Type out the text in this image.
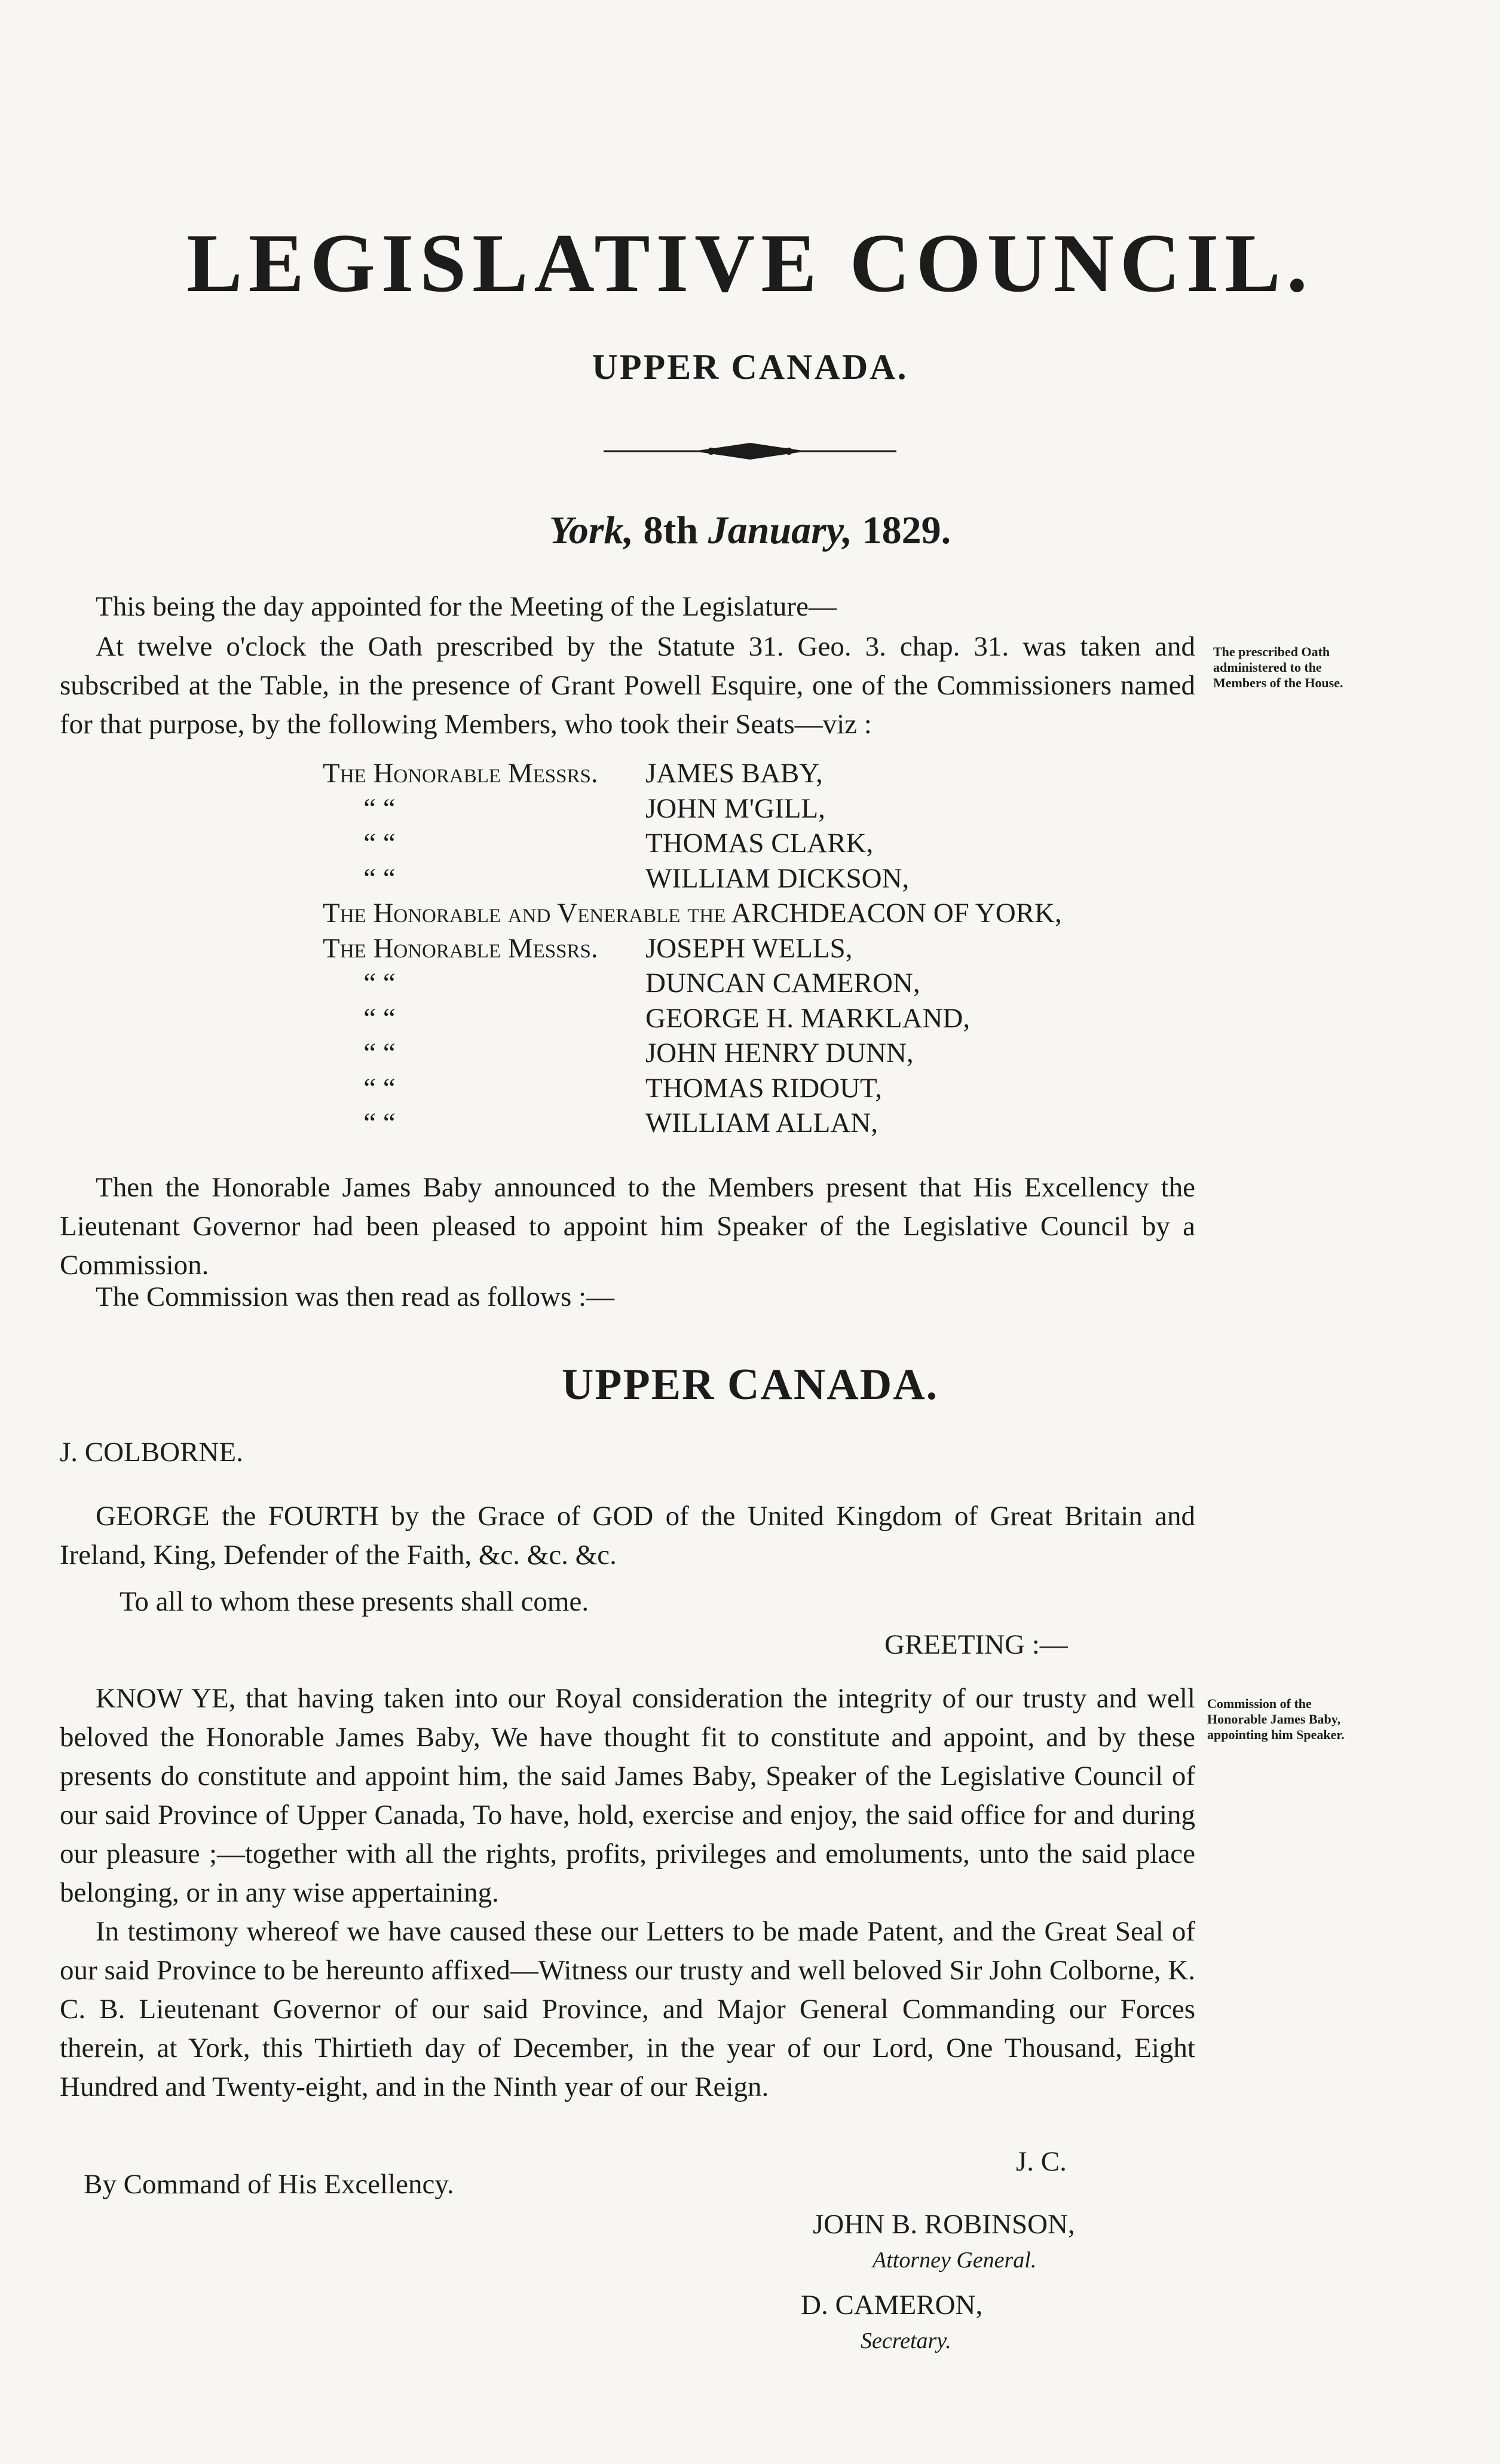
LEGISLATIVE COUNCIL.
UPPER CANADA.
York, 8th January, 1829.

This being the day appointed for the Meeting of the Legislature—

At twelve o'clock the Oath prescribed by the Statute 31. Geo. 3. chap. 31. was taken and subscribed at the Table, in the presence of Grant Powell Esquire, one of the Commissioners named for that purpose, by the following Members, who took their Seats—viz :

The prescribed Oath administered to the Members of the House.

The Honorable Messrs. JAMES BABY,
“ “	JOHN M'GILL,
“ “	THOMAS CLARK,
“ “	WILLIAM DICKSON,
The Honorable and Venerable the ARCHDEACON OF YORK,
The Honorable Messrs. JOSEPH WELLS,
“ “	DUNCAN CAMERON,
“ “	GEORGE H. MARKLAND,
“ “	JOHN HENRY DUNN,
“ “	THOMAS RIDOUT,
“ “	WILLIAM ALLAN,

Then the Honorable James Baby announced to the Members present that His Excellency the Lieutenant Governor had been pleased to appoint him Speaker of the Legislative Council by a Commission.

The Commission was then read as follows :—

UPPER CANADA.

J. COLBORNE.

GEORGE the FOURTH by the Grace of GOD of the United Kingdom of Great Britain and Ireland, King, Defender of the Faith, &c. &c. &c.

To all to whom these presents shall come.

GREETING :—

KNOW YE, that having taken into our Royal consideration the integrity of our trusty and well beloved the Honorable James Baby, We have thought fit to constitute and appoint, and by these presents do constitute and appoint him, the said James Baby, Speaker of the Legislative Council of our said Province of Upper Canada, To have, hold, exercise and enjoy, the said office for and during our pleasure ;—together with all the rights, profits, privileges and emoluments, unto the said place belonging, or in any wise appertaining.

Commission of the Honorable James Baby, appointing him Speaker.

In testimony whereof we have caused these our Letters to be made Patent, and the Great Seal of our said Province to be hereunto affixed—Witness our trusty and well beloved Sir John Colborne, K. C. B. Lieutenant Governor of our said Province, and Major General Commanding our Forces therein, at York, this Thirtieth day of December, in the year of our Lord, One Thousand, Eight Hundred and Twenty-eight, and in the Ninth year of our Reign.

J. C.

By Command of His Excellency.

JOHN B. ROBINSON,

Attorney General.

D. CAMERON,

Secretary.
